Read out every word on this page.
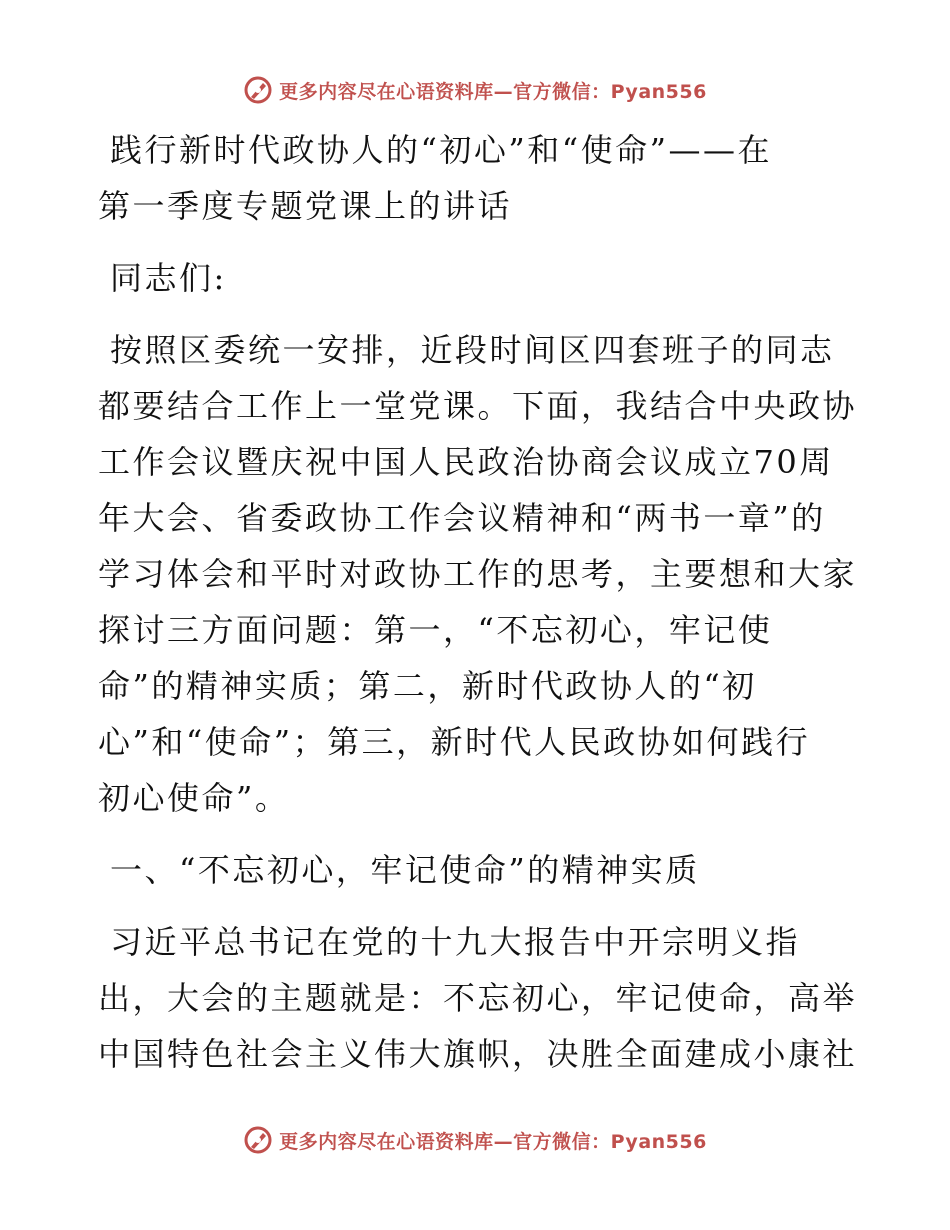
更多内容尽在心语资料库—官方微信：Pyan556
践行新时代政协人的“初心”和“使命”——在
第一季度专题党课上的讲话
同志们:
按照区委统一安排，近段时间区四套班子的同志
都要结合工作上一堂党课。下面，我结合中央政协
工作会议暨庆祝中国人民政治协商会议成立70周
年大会、省委政协工作会议精神和“两书一章”的
学习体会和平时对政协工作的思考，主要想和大家
探讨三方面问题：第一，“不忘初心，牢记使
命”的精神实质；第二，新时代政协人的“初
心”和“使命”；第三，新时代人民政协如何践行
初心使命”。
一、“不忘初心，牢记使命”的精神实质
习近平总书记在党的十九大报告中开宗明义指
出，大会的主题就是：不忘初心，牢记使命，高举
中国特色社会主义伟大旗帜，决胜全面建成小康社
更多内容尽在心语资料库—官方微信：Pyan556
